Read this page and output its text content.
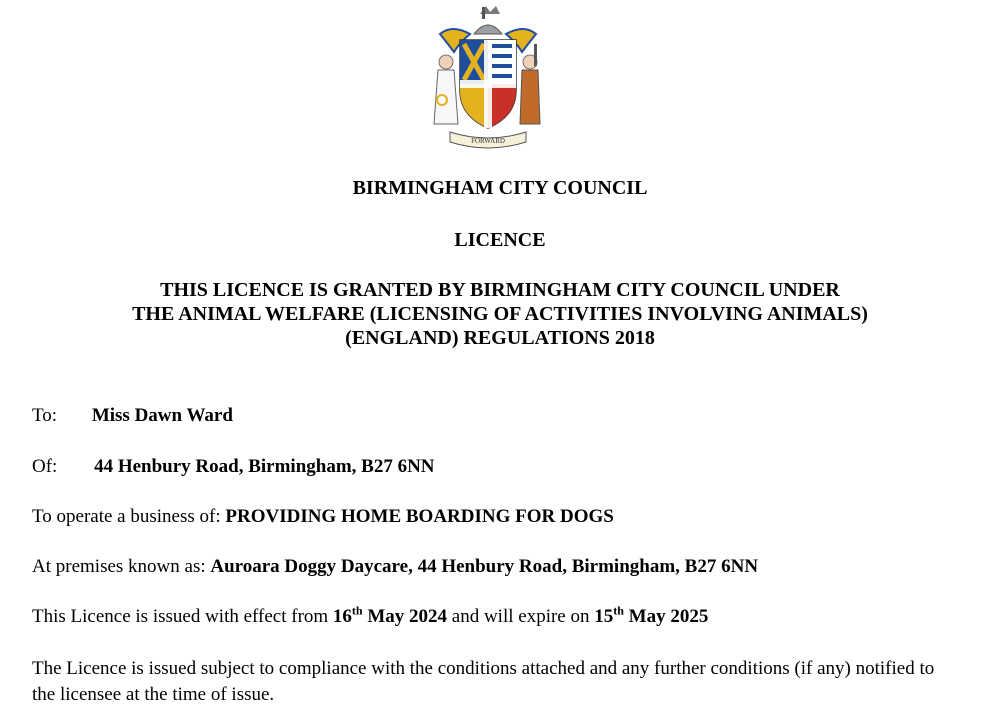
FORWARD
BIRMINGHAM CITY COUNCIL
LICENCE
THIS LICENCE IS GRANTED BY BIRMINGHAM CITY COUNCIL UNDER
THE ANIMAL WELFARE (LICENSING OF ACTIVITIES INVOLVING ANIMALS)
(ENGLAND) REGULATIONS 2018
To: Miss Dawn Ward
Of: 44 Henbury Road, Birmingham, B27 6NN
To operate a business of: PROVIDING HOME BOARDING FOR DOGS
At premises known as: Auroara Doggy Daycare, 44 Henbury Road, Birmingham, B27 6NN
This Licence is issued with effect from 16th May 2024 and will expire on 15th May 2025
The Licence is issued subject to compliance with the conditions attached and any further conditions (if any) notified to the licensee at the time of issue.
